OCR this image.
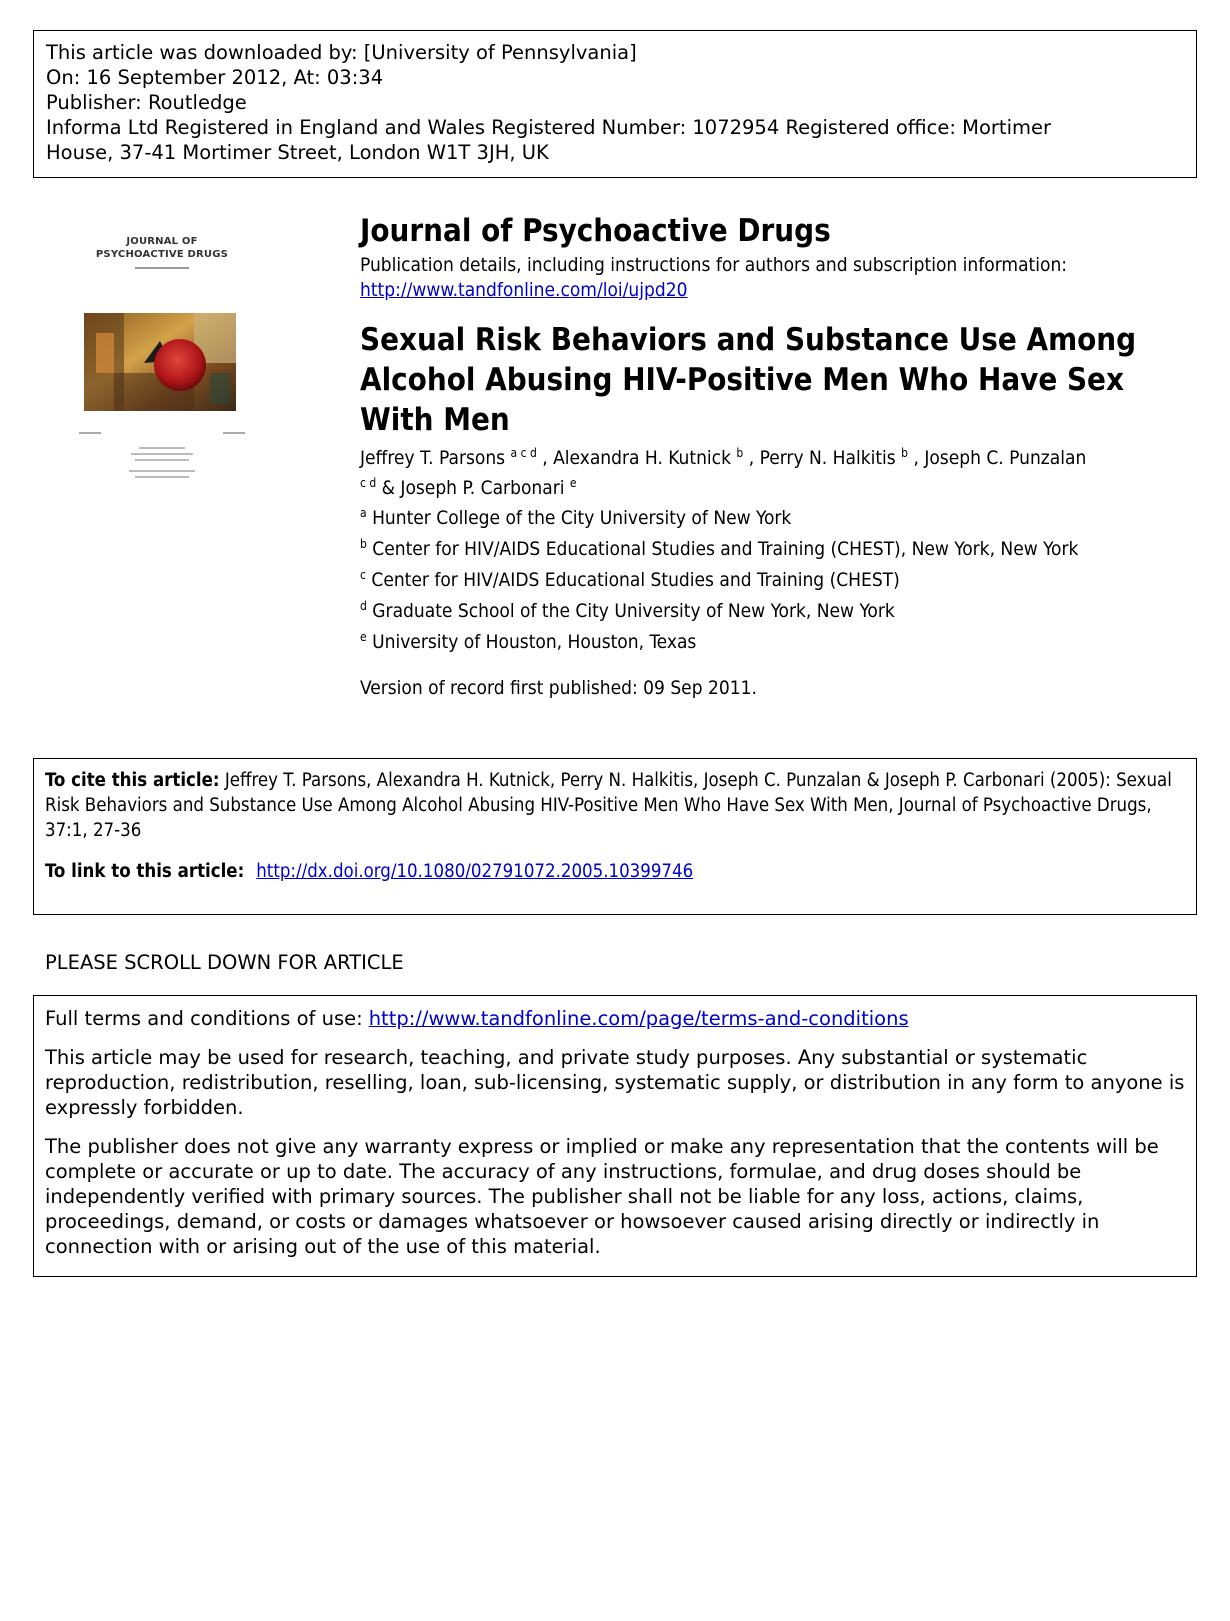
This article was downloaded by: [University of Pennsylvania]
On: 16 September 2012, At: 03:34
Publisher: Routledge
Informa Ltd Registered in England and Wales Registered Number: 1072954 Registered office: Mortimer
House, 37-41 Mortimer Street, London W1T 3JH, UK
JOURNAL OF
PSYCHOACTIVE DRUGS
Journal of Psychoactive Drugs
Publication details, including instructions for authors and subscription information:
http://www.tandfonline.com/loi/ujpd20
Sexual Risk Behaviors and Substance Use Among Alcohol Abusing HIV-Positive Men Who Have Sex With Men
Jeffrey T. Parsons $^{a c d}$ , Alexandra H. Kutnick $^b$ , Perry N. Halkitis $^b$ , Joseph C. Punzalan
$^{c d}$ & Joseph P. Carbonari $^e$
$^a$ Hunter College of the City University of New York
$^b$ Center for HIV/AIDS Educational Studies and Training (CHEST), New York, New York
$^c$ Center for HIV/AIDS Educational Studies and Training (CHEST)
$^d$ Graduate School of the City University of New York, New York
$^e$ University of Houston, Houston, Texas
Version of record first published: 09 Sep 2011.
To cite this article: Jeffrey T. Parsons, Alexandra H. Kutnick, Perry N. Halkitis, Joseph C. Punzalan & Joseph P. Carbonari (2005): Sexual Risk Behaviors and Substance Use Among Alcohol Abusing HIV-Positive Men Who Have Sex With Men, Journal of Psychoactive Drugs, 37:1, 27-36
To link to this article: http://dx.doi.org/10.1080/02791072.2005.10399746
PLEASE SCROLL DOWN FOR ARTICLE

Full terms and conditions of use: http://www.tandfonline.com/page/terms-and-conditions

This article may be used for research, teaching, and private study purposes. Any substantial or systematic reproduction, redistribution, reselling, loan, sub-licensing, systematic supply, or distribution in any form to anyone is expressly forbidden.

The publisher does not give any warranty express or implied or make any representation that the contents will be complete or accurate or up to date. The accuracy of any instructions, formulae, and drug doses should be independently verified with primary sources. The publisher shall not be liable for any loss, actions, claims, proceedings, demand, or costs or damages whatsoever or howsoever caused arising directly or indirectly in connection with or arising out of the use of this material.
